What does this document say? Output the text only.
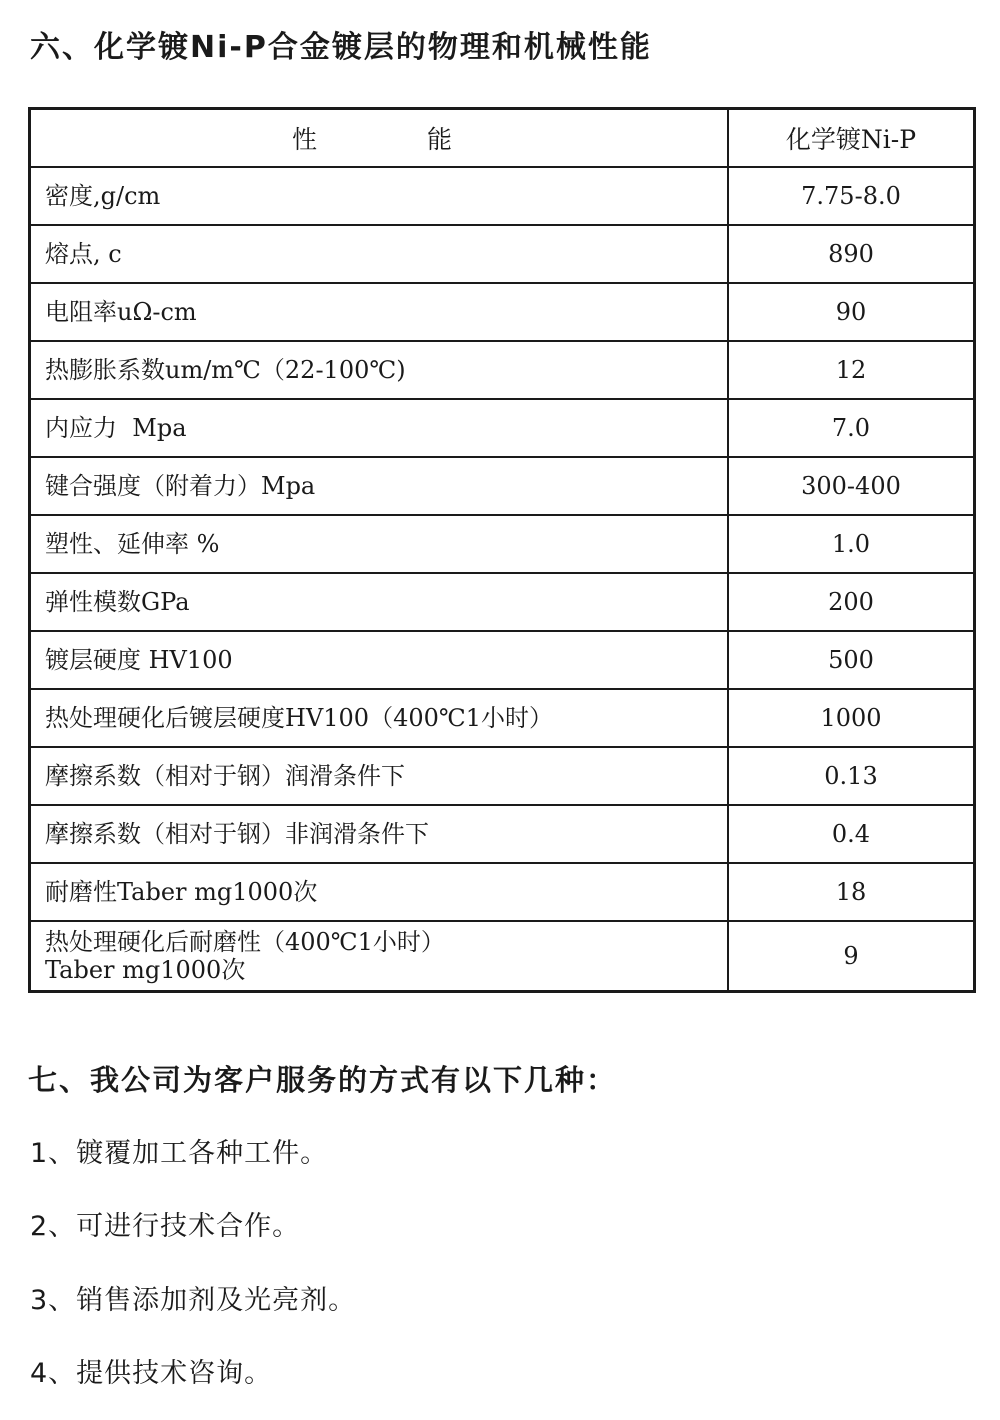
六、化学镀Ni-P合金镀层的物理和机械性能
性能	化学镀Ni-P
密度,g/cm	7.75-8.0
熔点, c	890
电阻率uΩ-cm	90
热膨胀系数um/m℃（22-100℃)	12
内应力  Mpa	7.0
键合强度（附着力）Mpa	300-400
塑性、延伸率 %	1.0
弹性模数GPa	200
镀层硬度 HV100	500
热处理硬化后镀层硬度HV100（400℃1小时）	1000
摩擦系数（相对于钢）润滑条件下	0.13
摩擦系数（相对于钢）非润滑条件下	0.4
耐磨性Taber mg1000次	18

热处理硬化后耐磨性（400℃1小时）
Taber mg1000次	9
七、我公司为客户服务的方式有以下几种：

1、镀覆加工各种工件。

2、可进行技术合作。

3、销售添加剂及光亮剂。

4、提供技术咨询。
